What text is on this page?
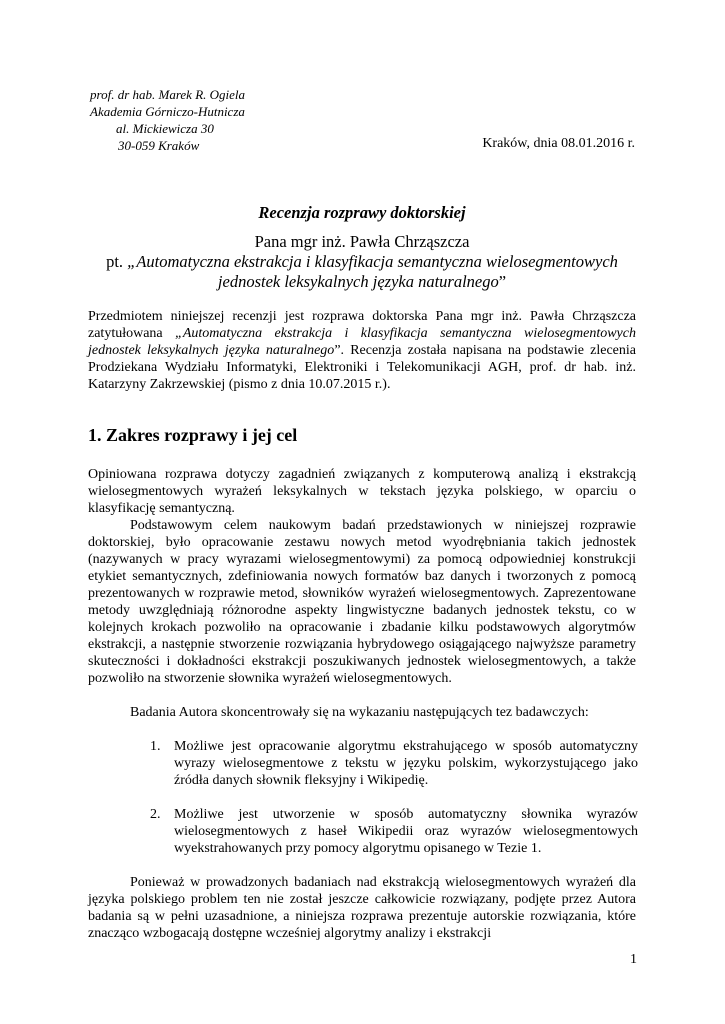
prof. dr hab. Marek R. Ogiela
Akademia Górniczo-Hutnicza
al. Mickiewicza 30
30-059 Kraków	Kraków, dnia 08.01.2016 r.
Recenzja rozprawy doktorskiej
Pana mgr inż. Pawła Chrząszcza
pt. „Automatyczna ekstrakcja i klasyfikacja semantyczna wielosegmentowych
jednostek leksykalnych języka naturalnego”

Przedmiotem niniejszej recenzji jest rozprawa doktorska Pana mgr inż. Pawła Chrząszcza zatytułowana „Automatyczna ekstrakcja i klasyfikacja semantyczna wielosegmentowych jednostek leksykalnych języka naturalnego”. Recenzja została napisana na podstawie zlecenia Prodziekana Wydziału Informatyki, Elektroniki i Telekomunikacji AGH, prof. dr hab. inż. Katarzyny Zakrzewskiej (pismo z dnia 10.07.2015 r.).

1. Zakres rozprawy i jej cel

Opiniowana rozprawa dotyczy zagadnień związanych z komputerową analizą i ekstrakcją wielosegmentowych wyrażeń leksykalnych w tekstach języka polskiego, w oparciu o klasyfikację semantyczną.

Podstawowym celem naukowym badań przedstawionych w niniejszej rozprawie doktorskiej, było opracowanie zestawu nowych metod wyodrębniania takich jednostek (nazywanych w pracy wyrazami wielosegmentowymi) za pomocą odpowiedniej konstrukcji etykiet semantycznych, zdefiniowania nowych formatów baz danych i tworzonych z pomocą prezentowanych w rozprawie metod, słowników wyrażeń wielosegmentowych. Zaprezentowane metody uwzględniają różnorodne aspekty lingwistyczne badanych jednostek tekstu, co w kolejnych krokach pozwoliło na opracowanie i zbadanie kilku podstawowych algorytmów ekstrakcji, a następnie stworzenie rozwiązania hybrydowego osiągającego najwyższe parametry skuteczności i dokładności ekstrakcji poszukiwanych jednostek wielosegmentowych, a także pozwoliło na stworzenie słownika wyrażeń wielosegmentowych.

Badania Autora skoncentrowały się na wykazaniu następujących tez badawczych:

1. Możliwe jest opracowanie algorytmu ekstrahującego w sposób automatyczny wyrazy wielosegmentowe z tekstu w języku polskim, wykorzystującego jako źródła danych słownik fleksyjny i Wikipedię.
2. Możliwe jest utworzenie w sposób automatyczny słownika wyrazów wielosegmentowych z haseł Wikipedii oraz wyrazów wielosegmentowych wyekstrahowanych przy pomocy algorytmu opisanego w Tezie 1.

Ponieważ w prowadzonych badaniach nad ekstrakcją wielosegmentowych wyrażeń dla języka polskiego problem ten nie został jeszcze całkowicie rozwiązany, podjęte przez Autora badania są w pełni uzasadnione, a niniejsza rozprawa prezentuje autorskie rozwiązania, które znacząco wzbogacają dostępne wcześniej algorytmy analizy i ekstrakcji

1
